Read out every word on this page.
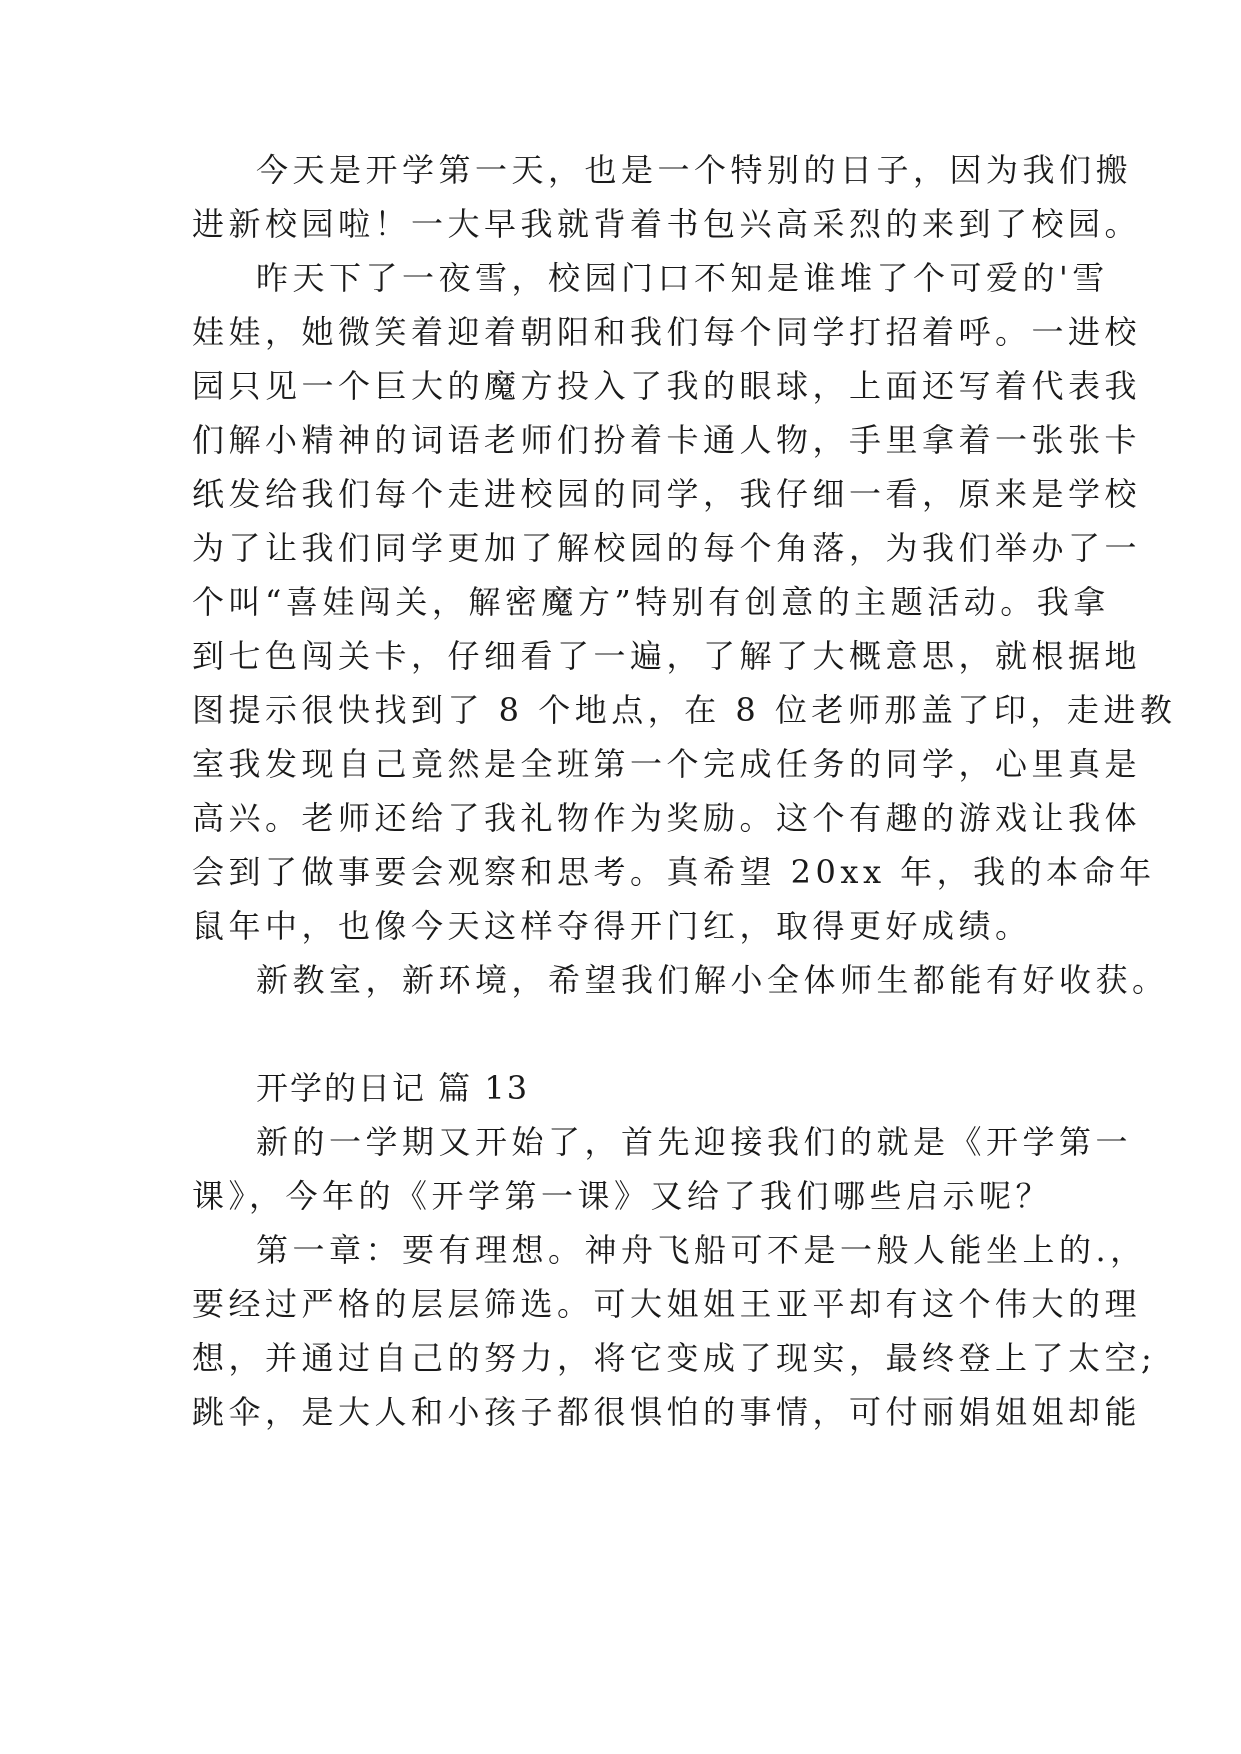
今天是开学第一天，也是一个特别的日子，因为我们搬
进新校园啦！一大早我就背着书包兴高采烈的来到了校园。
昨天下了一夜雪，校园门口不知是谁堆了个可爱的'雪
娃娃，她微笑着迎着朝阳和我们每个同学打招着呼。一进校
园只见一个巨大的魔方投入了我的眼球，上面还写着代表我
们解小精神的词语老师们扮着卡通人物，手里拿着一张张卡
纸发给我们每个走进校园的同学，我仔细一看，原来是学校
为了让我们同学更加了解校园的每个角落，为我们举办了一
个叫“喜娃闯关，解密魔方”特别有创意的主题活动。我拿
到七色闯关卡，仔细看了一遍，了解了大概意思，就根据地
图提示很快找到了 8 个地点，在 8 位老师那盖了印，走进教
室我发现自己竟然是全班第一个完成任务的同学，心里真是
高兴。老师还给了我礼物作为奖励。这个有趣的游戏让我体
会到了做事要会观察和思考。真希望 20xx 年，我的本命年
鼠年中，也像今天这样夺得开门红，取得更好成绩。
新教室，新环境，希望我们解小全体师生都能有好收获。
开学的日记 篇 13
新的一学期又开始了，首先迎接我们的就是《开学第一
课》，今年的《开学第一课》又给了我们哪些启示呢？
第一章：要有理想。神舟飞船可不是一般人能坐上的.，
要经过严格的层层筛选。可大姐姐王亚平却有这个伟大的理
想，并通过自己的努力，将它变成了现实，最终登上了太空;
跳伞，是大人和小孩子都很惧怕的事情，可付丽娟姐姐却能
